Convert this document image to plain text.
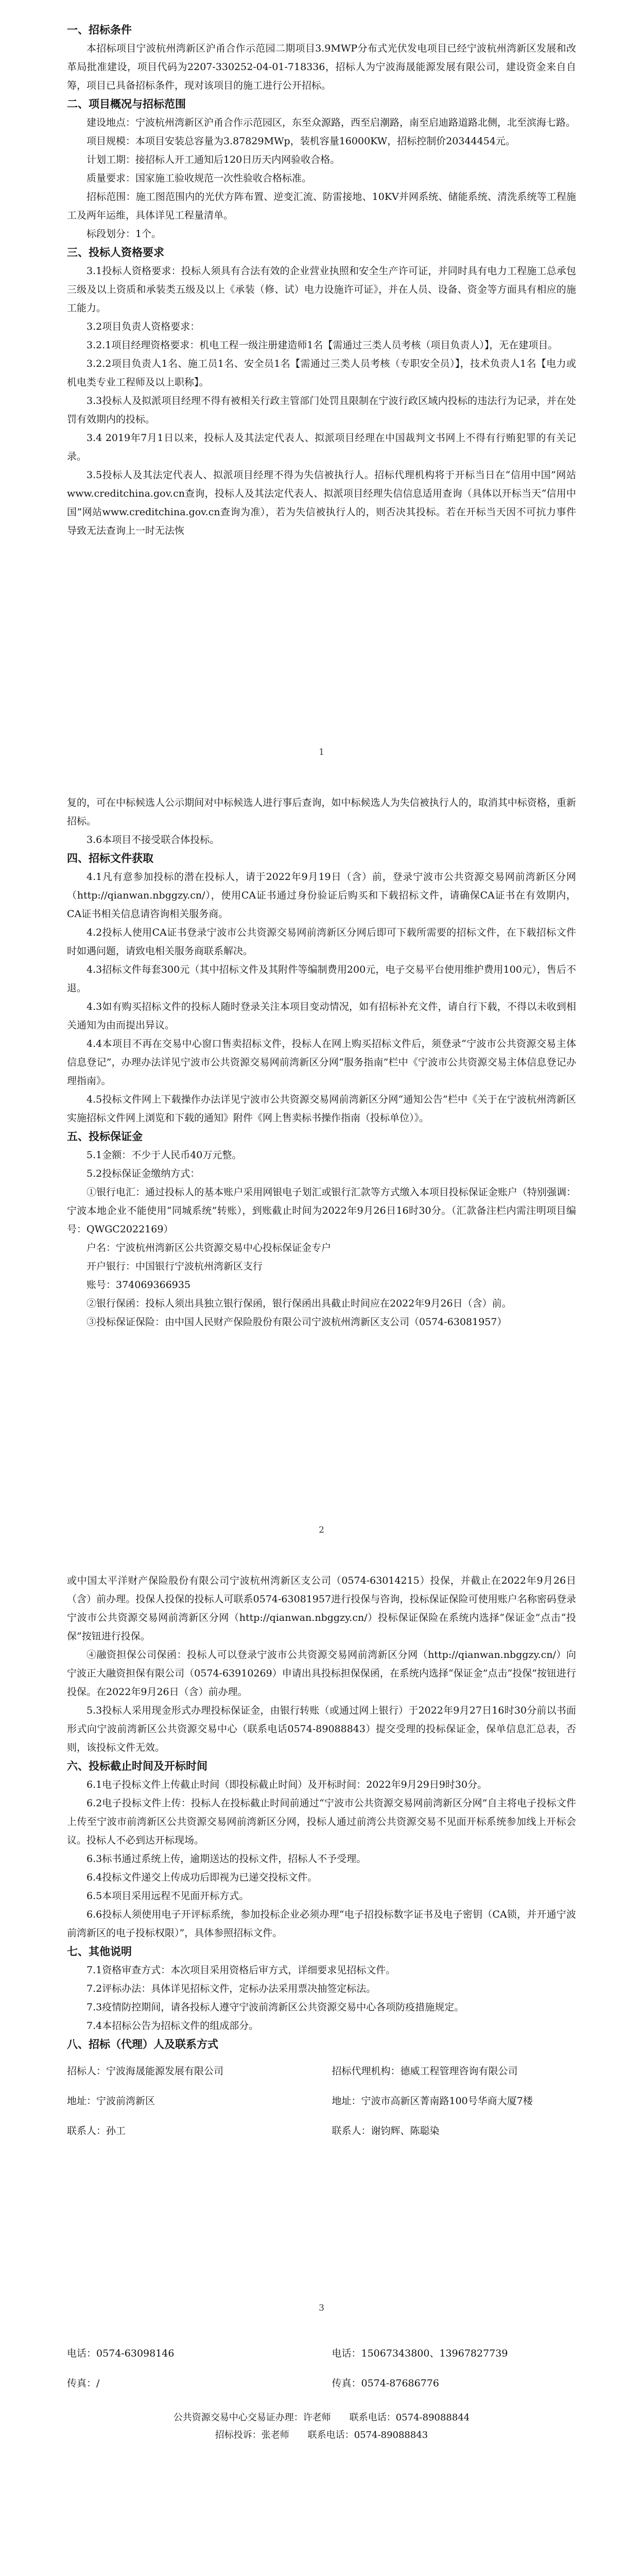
一、招标条件

本招标项目宁波杭州湾新区沪甬合作示范园二期项目3.9MWP分布式光伏发电项目已经宁波杭州湾新区发展和改革局批准建设，项目代码为2207-330252-04-01-718336，招标人为宁波海晟能源发展有限公司，建设资金来自自筹，项目已具备招标条件，现对该项目的施工进行公开招标。

二、项目概况与招标范围

建设地点：宁波杭州湾新区沪甬合作示范园区，东至众源路，西至启潮路，南至启迪路道路北侧，北至滨海七路。

项目规模：本项目安装总容量为3.87829MWp，装机容量16000KW，招标控制价20344454元。

计划工期：接招标人开工通知后120日历天内网验收合格。

质量要求：国家施工验收规范一次性验收合格标准。

招标范围：施工图范围内的光伏方阵布置、逆变汇流、防雷接地、10KV并网系统、储能系统、清洗系统等工程施工及两年运维，具体详见工程量清单。

标段划分：1个。

三、投标人资格要求

3.1投标人资格要求：投标人须具有合法有效的企业营业执照和安全生产许可证，并同时具有电力工程施工总承包三级及以上资质和承装类五级及以上《承装（修、试）电力设施许可证》，并在人员、设备、资金等方面具有相应的施工能力。

3.2项目负责人资格要求：

3.2.1项目经理资格要求：机电工程一级注册建造师1名【需通过三类人员考核（项目负责人）】，无在建项目。

3.2.2项目负责人1名、施工员1名、安全员1名【需通过三类人员考核（专职安全员）】，技术负责人1名【电力或机电类专业工程师及以上职称】。

3.3投标人及拟派项目经理不得有被相关行政主管部门处罚且限制在宁波行政区域内投标的违法行为记录，并在处罚有效期内的投标。

3.4 2019年7月1日以来，投标人及其法定代表人、拟派项目经理在中国裁判文书网上不得有行贿犯罪的有关记录。

3.5投标人及其法定代表人、拟派项目经理不得为失信被执行人。招标代理机构将于开标当日在“信用中国”网站www.creditchina.gov.cn查询，投标人及其法定代表人、拟派项目经理失信信息适用查询（具体以开标当天“信用中国”网站www.creditchina.gov.cn查询为准），若为失信被执行人的，则否决其投标。若在开标当天因不可抗力事件导致无法查询上一时无法恢

1

复的，可在中标候选人公示期间对中标候选人进行事后查询，如中标候选人为失信被执行人的，取消其中标资格，重新招标。

3.6本项目不接受联合体投标。

四、招标文件获取

4.1凡有意参加投标的潜在投标人，请于2022年9月19日（含）前，登录宁波市公共资源交易网前湾新区分网（http://qianwan.nbggzy.cn/），使用CA证书通过身份验证后购买和下载招标文件，请确保CA证书在有效期内，CA证书相关信息请咨询相关服务商。

4.2投标人使用CA证书登录宁波市公共资源交易网前湾新区分网后即可下载所需要的招标文件，在下载招标文件时如遇问题，请致电相关服务商联系解决。

4.3招标文件每套300元（其中招标文件及其附件等编制费用200元，电子交易平台使用维护费用100元），售后不退。

4.3如有购买招标文件的投标人随时登录关注本项目变动情况，如有招标补充文件，请自行下载，不得以未收到相关通知为由而提出异议。

4.4本项目不再在交易中心窗口售卖招标文件，投标人在网上购买招标文件后，须登录“宁波市公共资源交易主体信息登记”，办理办法详见宁波市公共资源交易网前湾新区分网“服务指南”栏中《宁波市公共资源交易主体信息登记办理指南》。

4.5投标文件网上下载操作办法详见宁波市公共资源交易网前湾新区分网“通知公告”栏中《关于在宁波杭州湾新区实施招标文件网上浏览和下载的通知》附件《网上售卖标书操作指南（投标单位）》。

五、投标保证金

5.1金额：不少于人民币40万元整。

5.2投标保证金缴纳方式：

①银行电汇：通过投标人的基本账户采用网银电子划汇或银行汇款等方式缴入本项目投标保证金账户（特别强调：宁波本地企业不能使用“同城系统”转账），到账截止时间为2022年9月26日16时30分。（汇款备注栏内需注明项目编号：QWGC2022169）

户名：宁波杭州湾新区公共资源交易中心投标保证金专户

开户银行：中国银行宁波杭州湾新区支行

账号：374069366935

②银行保函：投标人须出具独立银行保函，银行保函出具截止时间应在2022年9月26日（含）前。

③投标保证保险：由中国人民财产保险股份有限公司宁波杭州湾新区支公司（0574-63081957）

2

或中国太平洋财产保险股份有限公司宁波杭州湾新区支公司（0574-63014215）投保，并截止在2022年9月26日（含）前办理。投保人投保的投标人可联系0574-63081957进行投保与咨询，投标保证保险可使用账户名称密码登录宁波市公共资源交易网前湾新区分网（http://qianwan.nbggzy.cn/）投标保证保险在系统内选择“保证金”点击“投保”按钮进行投保。

④融资担保公司保函：投标人可以登录宁波市公共资源交易网前湾新区分网（http://qianwan.nbggzy.cn/）向宁波正大融资担保有限公司（0574-63910269）申请出具投标担保保函，在系统内选择“保证金”点击“投保”按钮进行投保。在2022年9月26日（含）前办理。

5.3投标人采用现金形式办理投标保证金，由银行转账（或通过网上银行）于2022年9月27日16时30分前以书面形式向宁波前湾新区公共资源交易中心（联系电话0574-89088843）提交受理的投标保证金，保单信息汇总表，否则，该投标文件无效。

六、投标截止时间及开标时间

6.1电子投标文件上传截止时间（即投标截止时间）及开标时间：2022年9月29日9时30分。

6.2电子投标文件上传：投标人在投标截止时间前通过“宁波市公共资源交易网前湾新区分网”自主将电子投标文件上传至宁波市前湾新区公共资源交易网前湾新区分网，投标人通过前湾公共资源交易不见面开标系统参加线上开标会议。投标人不必到达开标现场。

6.3标书通过系统上传，逾期送达的投标文件，招标人不予受理。

6.4投标文件递交上传成功后即视为已递交投标文件。

6.5本项目采用远程不见面开标方式。

6.6投标人须使用电子开评标系统，参加投标企业必须办理“电子招投标数字证书及电子密钥（CA锁，并开通宁波前湾新区的电子投标权限）”，具体参照招标文件。

七、其他说明

7.1资格审查方式：本次项目采用资格后审方式，详细要求见招标文件。

7.2评标办法：具体详见招标文件，定标办法采用票决抽签定标法。

7.3疫情防控期间，请各投标人遵守宁波前湾新区公共资源交易中心各项防疫措施规定。

7.4本招标公告为招标文件的组成部分。

八、招标（代理）人及联系方式

招标人：宁波海晟能源发展有限公司	招标代理机构：德威工程管理咨询有限公司
地址：宁波前湾新区	地址：宁波市高新区菁南路100号华商大厦7楼
联系人：孙工	联系人：谢钧辉、陈聪染
3
电话：0574-63098146	电话：15067343800、13967827739
传真：/	传真：0574-87686776
公共资源交易中心交易证办理：许老师　　联系电话：0574-89088844
招标投诉：张老师　　联系电话：0574-89088843
